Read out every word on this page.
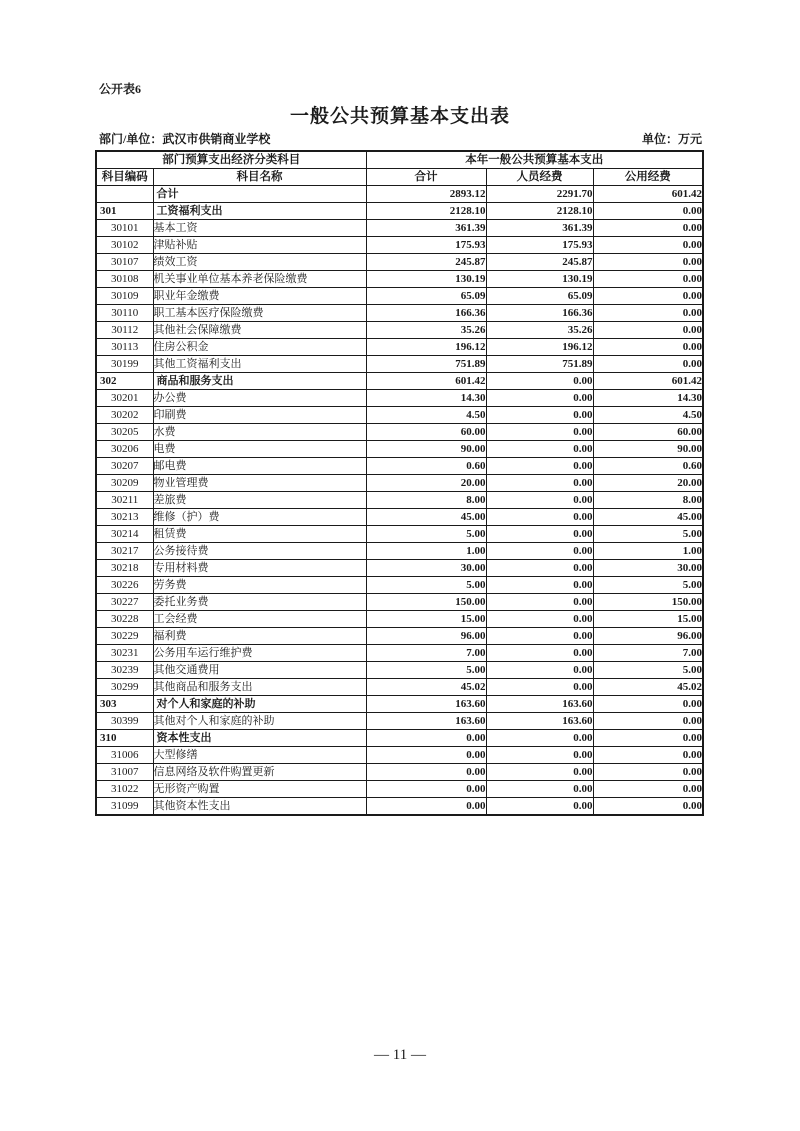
公开表6
一般公共预算基本支出表
部门/单位：武汉市供销商业学校	单位：万元
部门预算支出经济分类科目		本年一般公共预算基本支出		
科目编码	科目名称	合计	人员经费	公用经费
	合计	2893.12	2291.70	601.42
301	工资福利支出	2128.10	2128.10	0.00
30101	基本工资	361.39	361.39	0.00
30102	津贴补贴	175.93	175.93	0.00
30107	绩效工资	245.87	245.87	0.00
30108	机关事业单位基本养老保险缴费	130.19	130.19	0.00
30109	职业年金缴费	65.09	65.09	0.00
30110	职工基本医疗保险缴费	166.36	166.36	0.00
30112	其他社会保障缴费	35.26	35.26	0.00
30113	住房公积金	196.12	196.12	0.00
30199	其他工资福利支出	751.89	751.89	0.00
302	商品和服务支出	601.42	0.00	601.42
30201	办公费	14.30	0.00	14.30
30202	印刷费	4.50	0.00	4.50
30205	水费	60.00	0.00	60.00
30206	电费	90.00	0.00	90.00
30207	邮电费	0.60	0.00	0.60
30209	物业管理费	20.00	0.00	20.00
30211	差旅费	8.00	0.00	8.00
30213	维修（护）费	45.00	0.00	45.00
30214	租赁费	5.00	0.00	5.00
30217	公务接待费	1.00	0.00	1.00
30218	专用材料费	30.00	0.00	30.00
30226	劳务费	5.00	0.00	5.00
30227	委托业务费	150.00	0.00	150.00
30228	工会经费	15.00	0.00	15.00
30229	福利费	96.00	0.00	96.00
30231	公务用车运行维护费	7.00	0.00	7.00
30239	其他交通费用	5.00	0.00	5.00
30299	其他商品和服务支出	45.02	0.00	45.02
303	对个人和家庭的补助	163.60	163.60	0.00
30399	其他对个人和家庭的补助	163.60	163.60	0.00
310	资本性支出	0.00	0.00	0.00
31006	大型修缮	0.00	0.00	0.00
31007	信息网络及软件购置更新	0.00	0.00	0.00
31022	无形资产购置	0.00	0.00	0.00
31099	其他资本性支出	0.00	0.00	0.00
— 11 —
